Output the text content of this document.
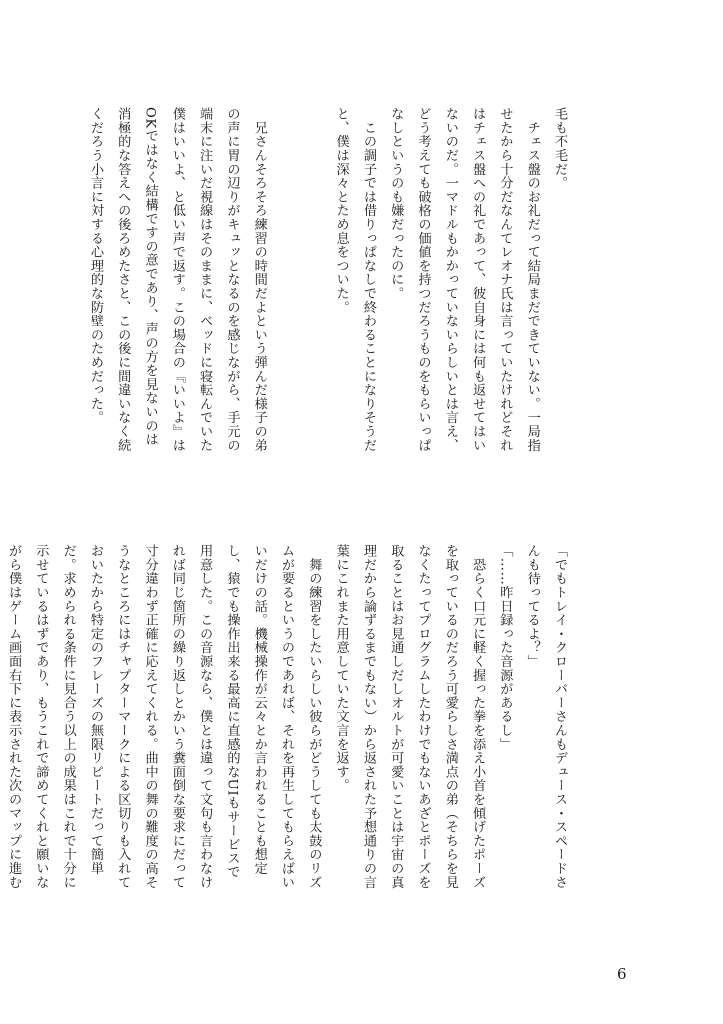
毛も不毛だ。

　チェス盤のお礼だって結局まだできていない。一局指

せたから十分だなんてレオナ氏は言っていたけれどそれ

はチェス盤への礼であって、彼自身には何も返せてはい

ないのだ。一マドルもかかっていないらしいとは言え、

どう考えても破格の価値を持つだろうものをもらいっぱ

なしというのも嫌だったのに。

　この調子では借りっぱなしで終わることになりそうだ

と、僕は深々とため息をついた。

　兄さんそろそろ練習の時間だよという弾んだ様子の弟

の声に胃の辺りがキュッとなるのを感じながら、手元の

端末に注いだ視線はそのままに、ベッドに寝転んでいた

僕はいいよ、と低い声で返す。この場合の『いいよ』は

OKではなく結構ですの意であり、声の方を見ないのは

消極的な答えへの後ろめたさと、この後に間違いなく続

くだろう小言に対する心理的な防壁のためだった。

「でもトレイ・クローバーさんもデュース・スペードさ

んも待ってるよ？」

「……昨日録った音源があるし」

　恐らく口元に軽く握った拳を添え小首を傾げたポーズ

を取っているのだろう可愛らしさ満点の弟（そちらを見

なくたってプログラムしたわけでもないあざとポーズを

取ることはお見通しだしオルトが可愛いことは宇宙の真

理だから論ずるまでもない）から返された予想通りの言

葉にこれまた用意していた文言を返す。

　舞の練習をしたいらしい彼らがどうしても太鼓のリズ

ムが要るというのであれば、それを再生してもらえばい

いだけの話。機械操作が云々とか言われることも想定

し、猿でも操作出来る最高に直感的なUIもサービスで

用意した。この音源なら、僕とは違って文句も言わなけ

れば同じ箇所の繰り返しとかいう糞面倒な要求にだって

寸分違わず正確に応えてくれる。曲中の舞の難度の高そ

うなところにはチャプターマークによる区切りも入れて

おいたから特定のフレーズの無限リピートだって簡単

だ。求められる条件に見合う以上の成果はこれで十分に

示せているはずであり、もうこれで諦めてくれと願いな

がら僕はゲーム画面右下に表示された次のマップに進む

6
